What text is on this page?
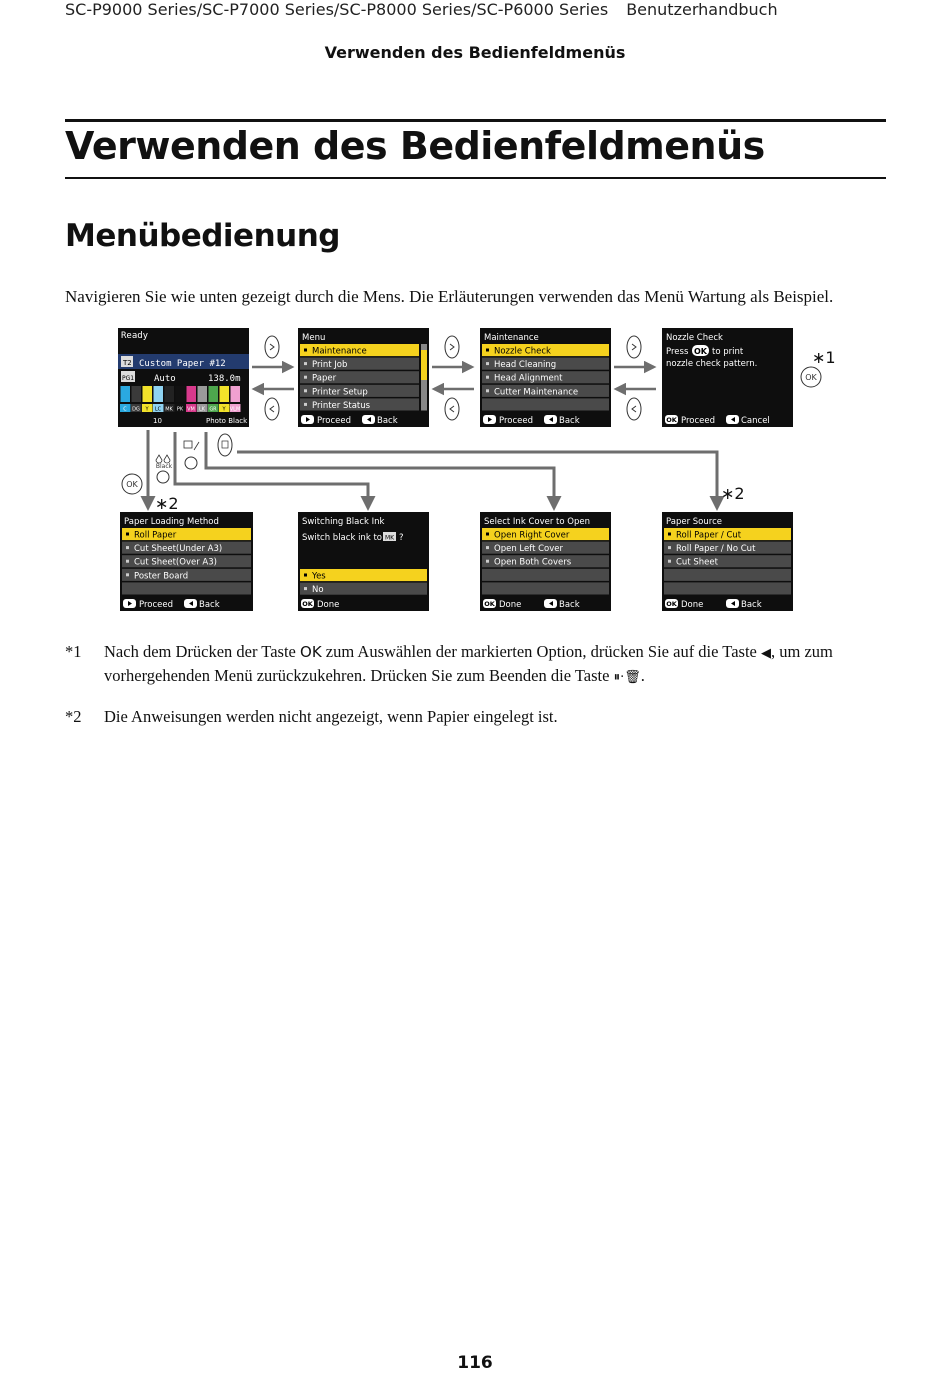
SC-P9000 Series/SC-P7000 Series/SC-P8000 Series/SC-P6000 Series Benutzerhandbuch
Verwenden des Bedienfeldmenüs
Verwenden des Bedienfeldmenüs
Menübedienung
Navigieren Sie wie unten gezeigt durch die Mens. Die Erläuterungen verwenden das Menü Wartung als Beispiel.
Ready
T2 Custom Paper #12
PG1 Auto	138.0m
C DG Y LC MK PK VM LK GR Y VLM
10	Photo Black
Menu
Maintenance
Print Job
Paper
Printer Setup
Printer Status
Proceed	Back
Maintenance
Nozzle Check
Head Cleaning
Head Alignment
Cutter Maintenance
Proceed	Back
Nozzle Check
Press OK to print
nozzle check pattern.
OK Proceed	Cancel
Paper Loading Method
Roll Paper
Cut Sheet(Under A3)
Cut Sheet(Over A3)
Poster Board
Proceed	Back
Switching Black Ink
Switch black ink to MK ?
Yes
No
OK Done
Select Ink Cover to Open
Open Right Cover
Open Left Cover
Open Both Covers
OK Done	Back
Paper Source
Roll Paper / Cut
Roll Paper / No Cut
Cut Sheet
OK Done	Back
∗1
OK
OK
Black
∗2
∗2
*1 Nach dem Drücken der Taste OK zum Auswählen der markierten Option, drücken Sie auf die Taste ◀, um zum vorhergehenden Menü zurückzukehren. Drücken Sie zum Beenden die Taste ⏸·🗑.
*2 Die Anweisungen werden nicht angezeigt, wenn Papier eingelegt ist.
116
